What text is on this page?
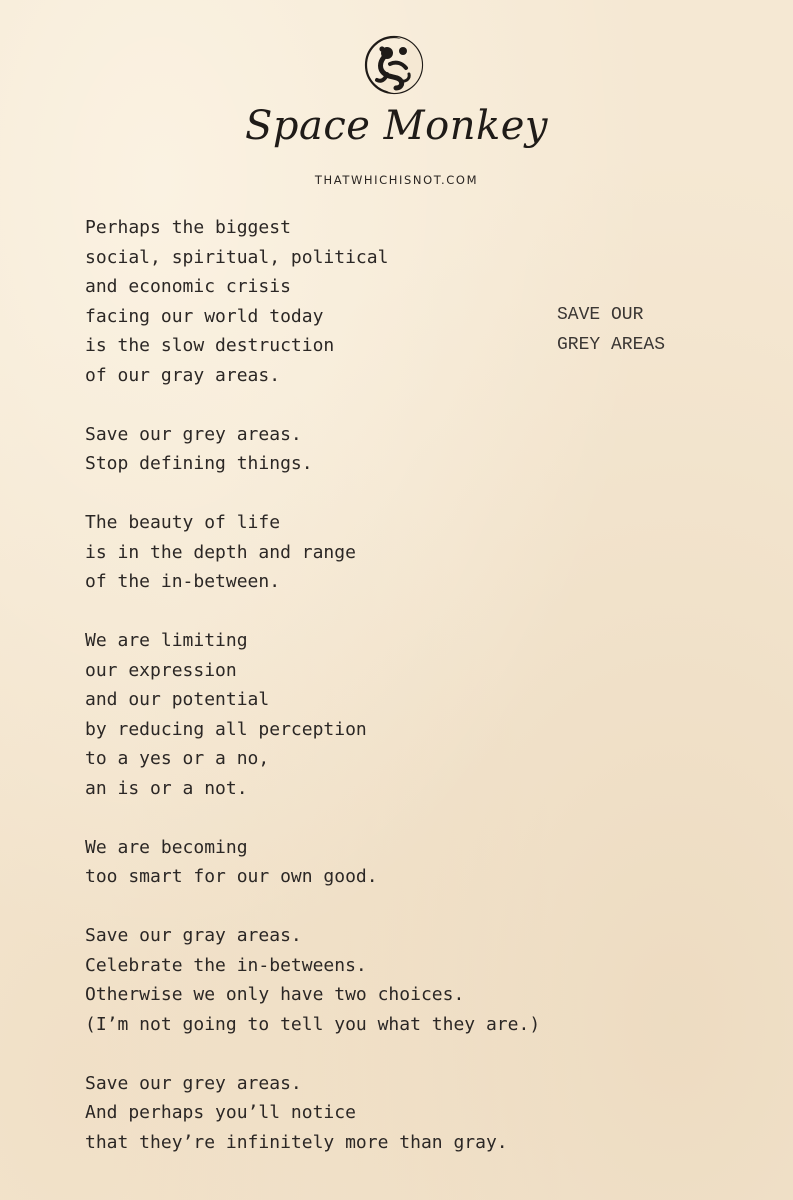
Space Monkey
THATWHICHISNOT.COM
Perhaps the biggest
social, spiritual, political
and economic crisis
facing our world today
is the slow destruction
of our gray areas.
Save our grey areas.
Stop defining things.
The beauty of life
is in the depth and range
of the in-between.
We are limiting
our expression
and our potential
by reducing all perception
to a yes or a no,
an is or a not.
We are becoming
too smart for our own good.
Save our gray areas.
Celebrate the in-betweens.
Otherwise we only have two choices.
(I’m not going to tell you what they are.)
Save our grey areas.
And perhaps you’ll notice
that they’re infinitely more than gray.
SAVE OUR
GREY AREAS
